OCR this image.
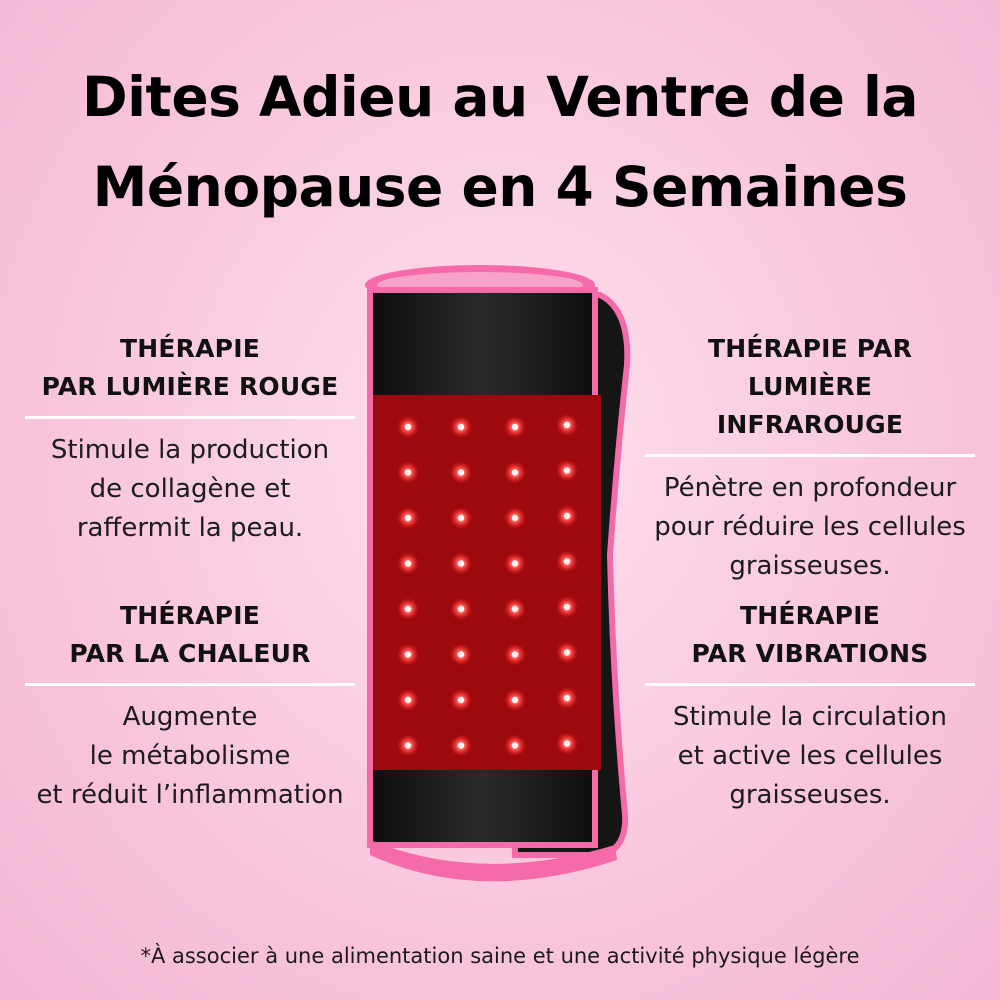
Dites Adieu au Ventre de la
Ménopause en 4 Semaines
THÉRAPIE
PAR LUMIÈRE ROUGE
Stimule la production
de collagène et
raffermit la peau.
THÉRAPIE PAR LUMIÈRE
INFRAROUGE
Pénètre en profondeur
pour réduire les cellules
graisseuses.
THÉRAPIE
PAR LA CHALEUR
Augmente
le métabolisme
et réduit l’inflammation
THÉRAPIE
PAR VIBRATIONS
Stimule la circulation
et active les cellules
graisseuses.
*À associer à une alimentation saine et une activité physique légère
